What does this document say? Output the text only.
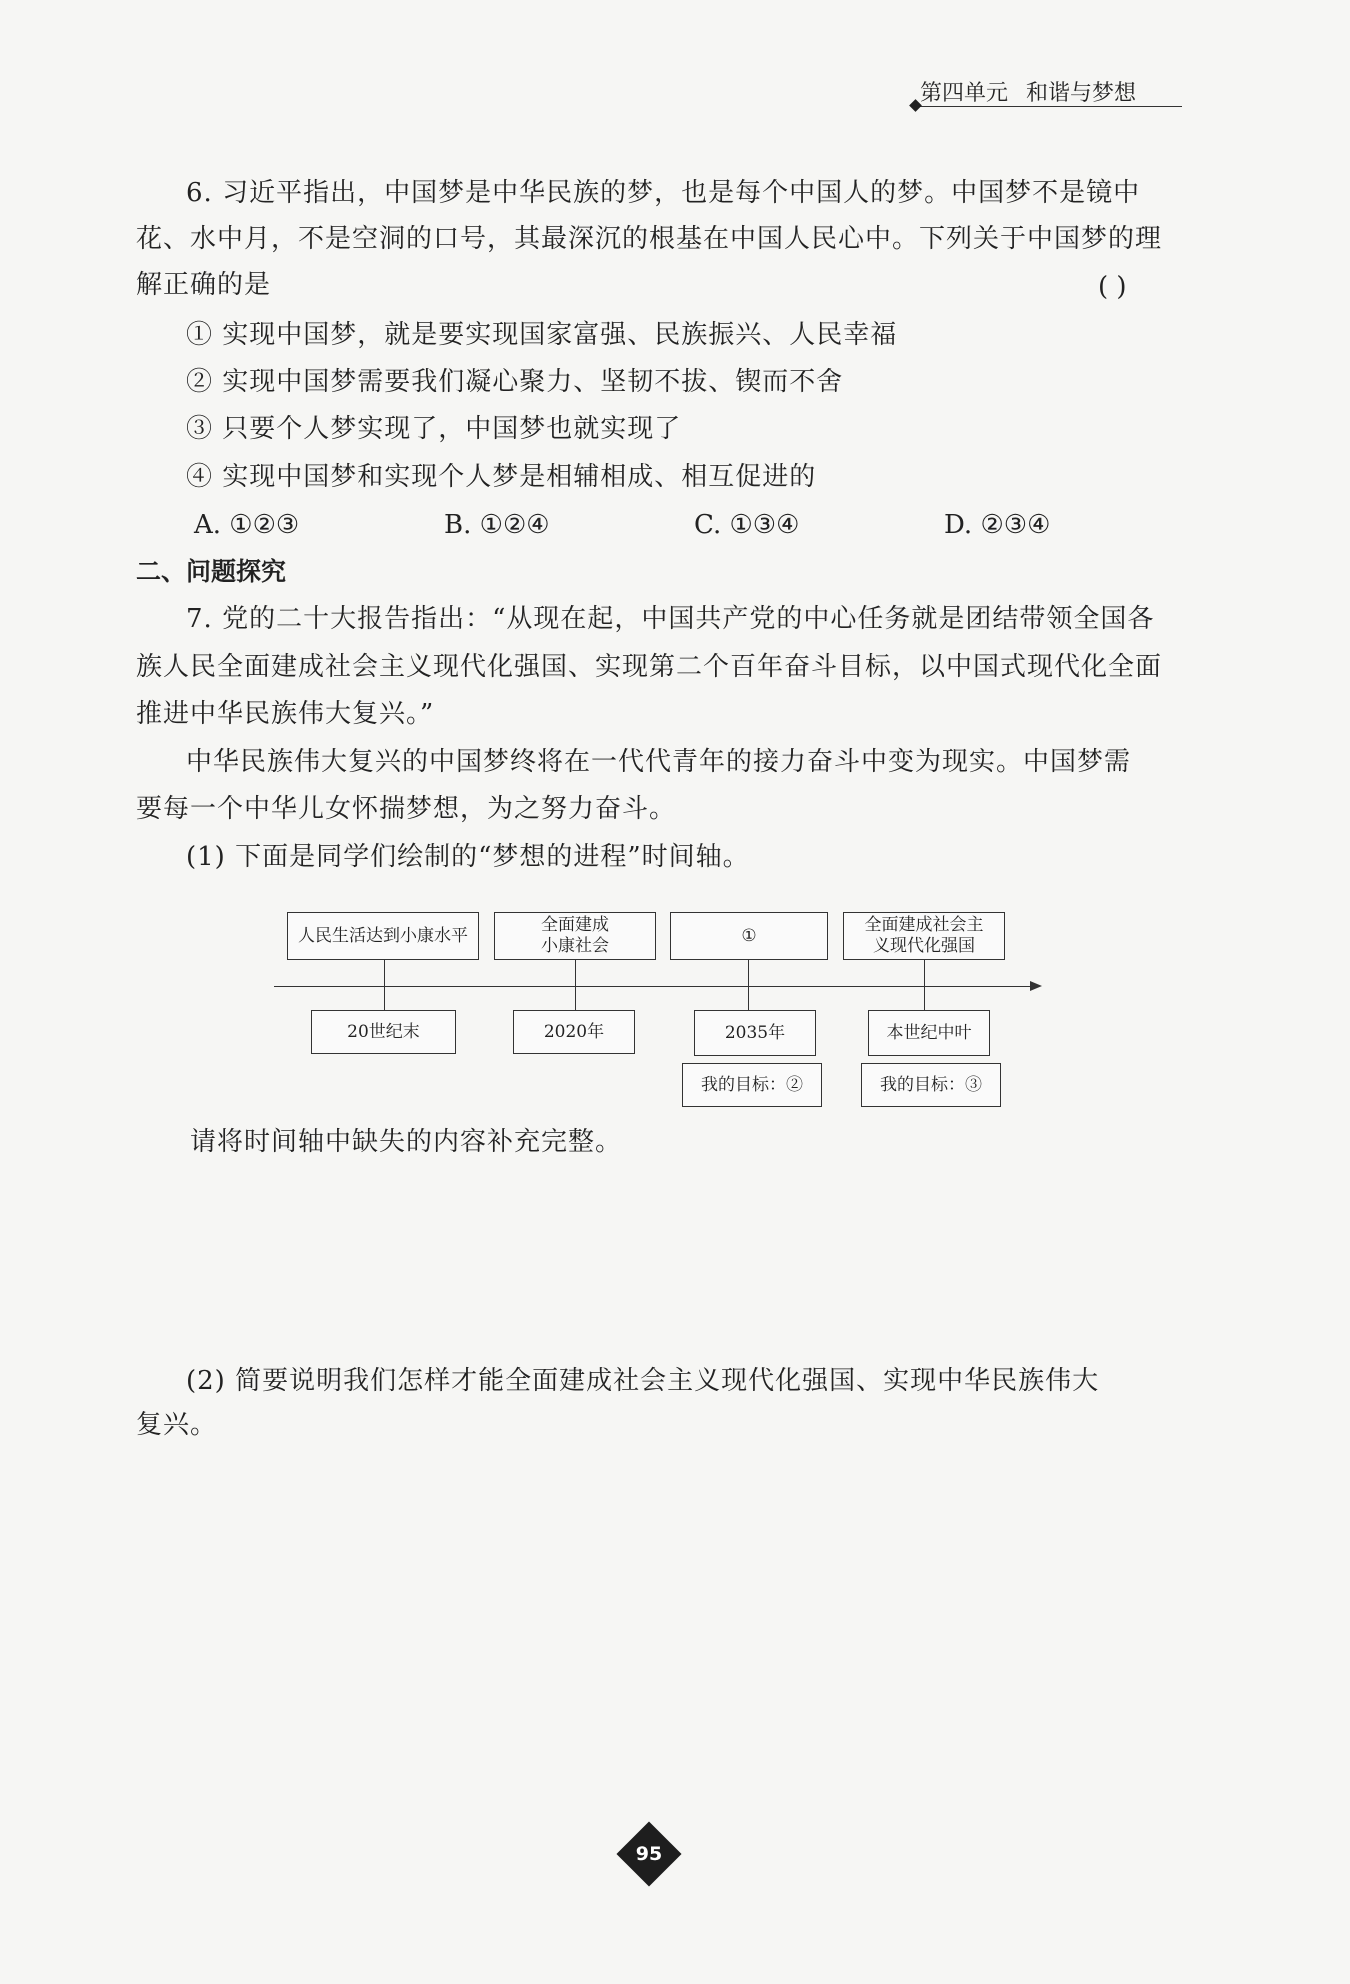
第四单元 和谐与梦想
6. 习近平指出，中国梦是中华民族的梦，也是每个中国人的梦。中国梦不是镜中
花、水中月，不是空洞的口号，其最深沉的根基在中国人民心中。下列关于中国梦的理
解正确的是	( )
① 实现中国梦，就是要实现国家富强、民族振兴、人民幸福
② 实现中国梦需要我们凝心聚力、坚韧不拔、锲而不舍
③ 只要个人梦实现了，中国梦也就实现了
④ 实现中国梦和实现个人梦是相辅相成、相互促进的
A. ①②③	B. ①②④	C. ①③④	D. ②③④
二、问题探究
7. 党的二十大报告指出：“从现在起，中国共产党的中心任务就是团结带领全国各
族人民全面建成社会主义现代化强国、实现第二个百年奋斗目标，以中国式现代化全面
推进中华民族伟大复兴。”
中华民族伟大复兴的中国梦终将在一代代青年的接力奋斗中变为现实。中国梦需
要每一个中华儿女怀揣梦想，为之努力奋斗。
(1) 下面是同学们绘制的“梦想的进程”时间轴。
人民生活达到小康水平
全面建成
小康社会
①
全面建成社会主
义现代化强国
20世纪末	2020年	2035年	本世纪中叶
我的目标：②	我的目标：③
请将时间轴中缺失的内容补充完整。
(2) 简要说明我们怎样才能全面建成社会主义现代化强国、实现中华民族伟大
复兴。
95
